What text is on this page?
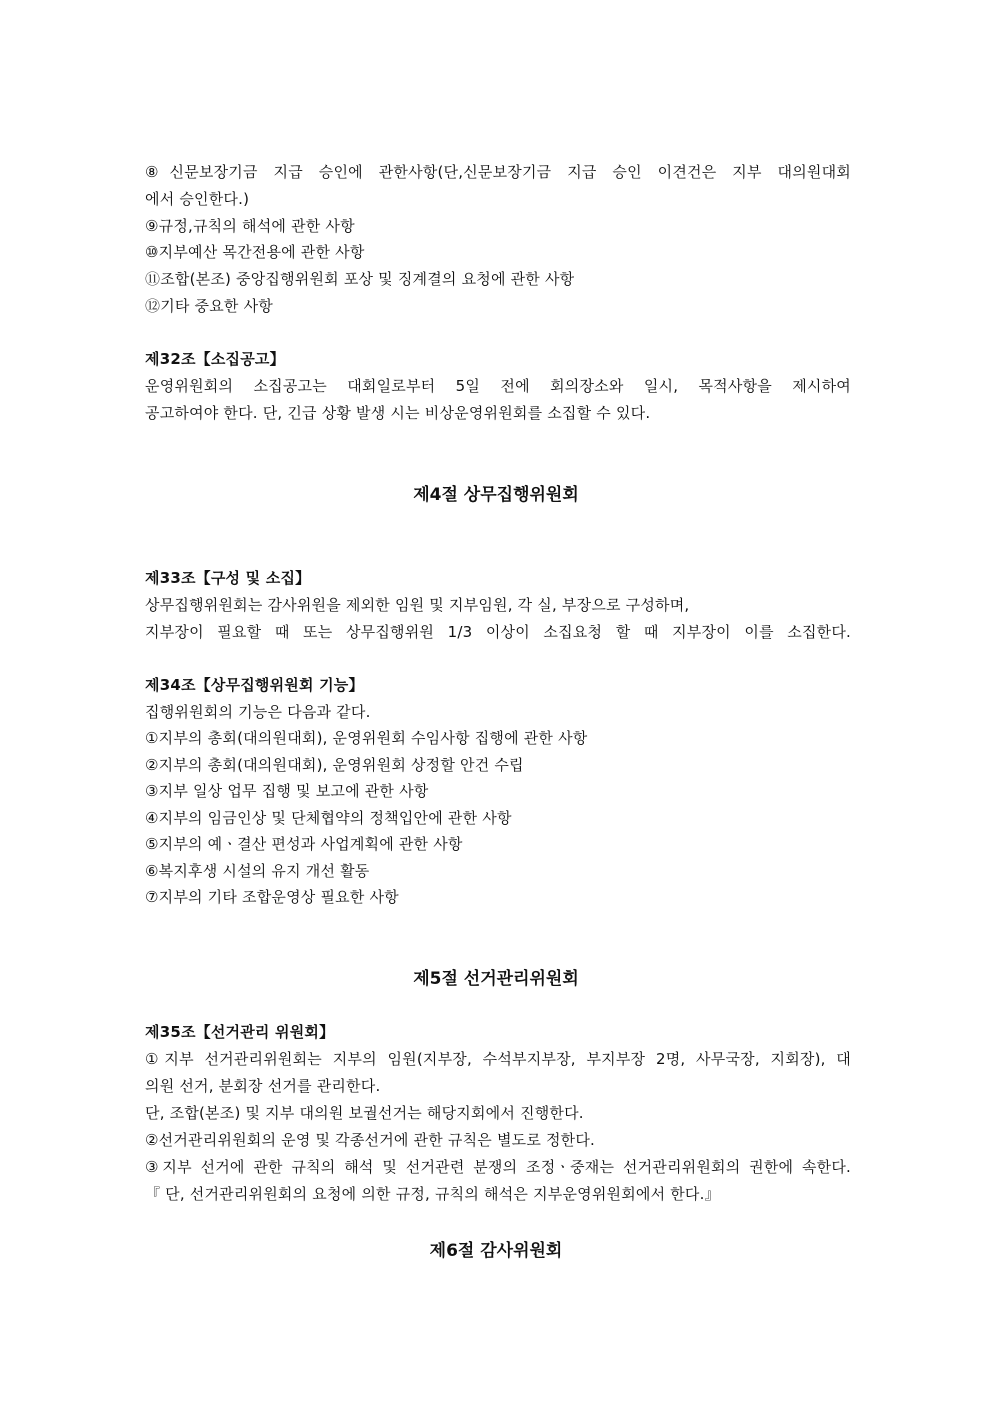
⑧신문보장기금 지급 승인에 관한사항(단,신문보장기금 지급 승인 이견건은 지부 대의원대회
에서 승인한다.)
⑨규정,규칙의 해석에 관한 사항
⑩지부예산 목간전용에 관한 사항
⑪조합(본조) 중앙집행위원회 포상 및 징계결의 요청에 관한 사항
⑫기타 중요한 사항
제32조【소집공고】
운영위원회의 소집공고는 대회일로부터 5일 전에 회의장소와 일시, 목적사항을 제시하여
공고하여야 한다. 단, 긴급 상황 발생 시는 비상운영위원회를 소집할 수 있다.
제33조【구성 및 소집】
상무집행위원회는 감사위원을 제외한 임원 및 지부임원, 각 실, 부장으로 구성하며,
지부장이 필요할 때 또는 상무집행위원 1/3 이상이 소집요청 할 때 지부장이 이를 소집한다.
제34조【상무집행위원회 기능】
집행위원회의 기능은 다음과 같다.
①지부의 총회(대의원대회), 운영위원회 수임사항 집행에 관한 사항
②지부의 총회(대의원대회), 운영위원회 상정할 안건 수립
③지부 일상 업무 집행 및 보고에 관한 사항
④지부의 임금인상 및 단체협약의 정책입안에 관한 사항
⑤지부의 예ㆍ결산 편성과 사업계획에 관한 사항
⑥복지후생 시설의 유지 개선 활동
⑦지부의 기타 조합운영상 필요한 사항
제35조【선거관리 위원회】
①지부 선거관리위원회는 지부의 임원(지부장, 수석부지부장, 부지부장 2명, 사무국장, 지회장), 대
의원 선거, 분회장 선거를 관리한다.
단, 조합(본조) 및 지부 대의원 보궐선거는 해당지회에서 진행한다.
②선거관리위원회의 운영 및 각종선거에 관한 규칙은 별도로 정한다.
③지부 선거에 관한 규칙의 해석 및 선거관련 분쟁의 조정ㆍ중재는 선거관리위원회의 권한에 속한다.
『 단, 선거관리위원회의 요청에 의한 규정, 규칙의 해석은 지부운영위원회에서 한다.』
제4절 상무집행위원회
제5절 선거관리위원회
제6절 감사위원회
